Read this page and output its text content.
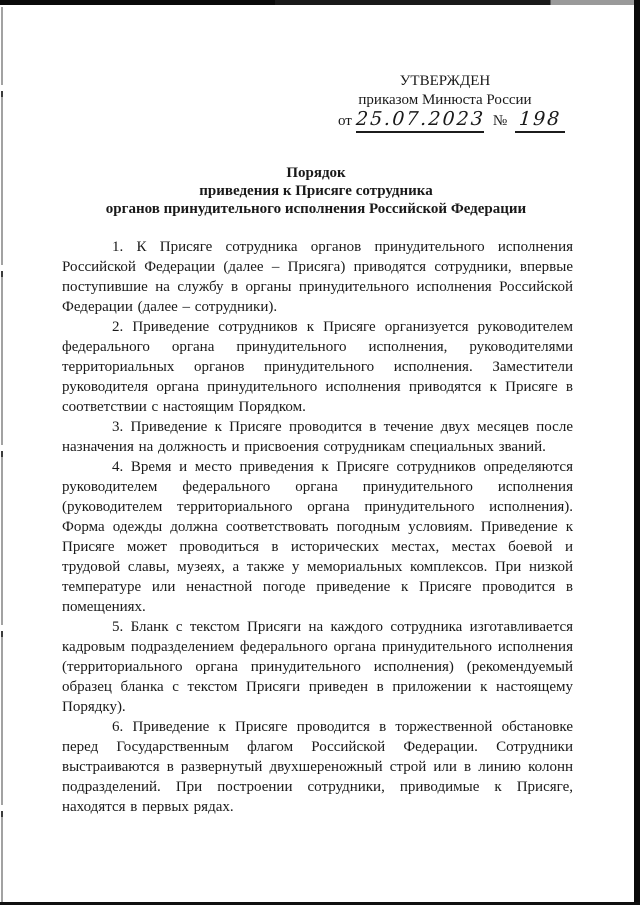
УТВЕРЖДЕН
приказом Минюста России
от 25.07.2023 № 198
Порядок
приведения к Присяге сотрудника
органов принудительного исполнения Российской Федерации

1. К Присяге сотрудника органов принудительного исполнения Российской Федерации (далее – Присяга) приводятся сотрудники, впервые поступившие на службу в органы принудительного исполнения Российской Федерации (далее – сотрудники).

2. Приведение сотрудников к Присяге организуется руководителем федерального органа принудительного исполнения, руководителями территориальных органов принудительного исполнения. Заместители руководителя органа принудительного исполнения приводятся к Присяге в соответствии с настоящим Порядком.

3. Приведение к Присяге проводится в течение двух месяцев после назначения на должность и присвоения сотрудникам специальных званий.

4. Время и место приведения к Присяге сотрудников определяются руководителем федерального органа принудительного исполнения (руководителем территориального органа принудительного исполнения). Форма одежды должна соответствовать погодным условиям. Приведение к Присяге может проводиться в исторических местах, местах боевой и трудовой славы, музеях, а также у мемориальных комплексов. При низкой температуре или ненастной погоде приведение к Присяге проводится в помещениях.

5. Бланк с текстом Присяги на каждого сотрудника изготавливается кадровым подразделением федерального органа принудительного исполнения (территориального органа принудительного исполнения) (рекомендуемый образец бланка с текстом Присяги приведен в приложении к настоящему Порядку).

6. Приведение к Присяге проводится в торжественной обстановке перед Государственным флагом Российской Федерации. Сотрудники выстраиваются в развернутый двухшереножный строй или в линию колонн подразделений. При построении сотрудники, приводимые к Присяге, находятся в первых рядах.
